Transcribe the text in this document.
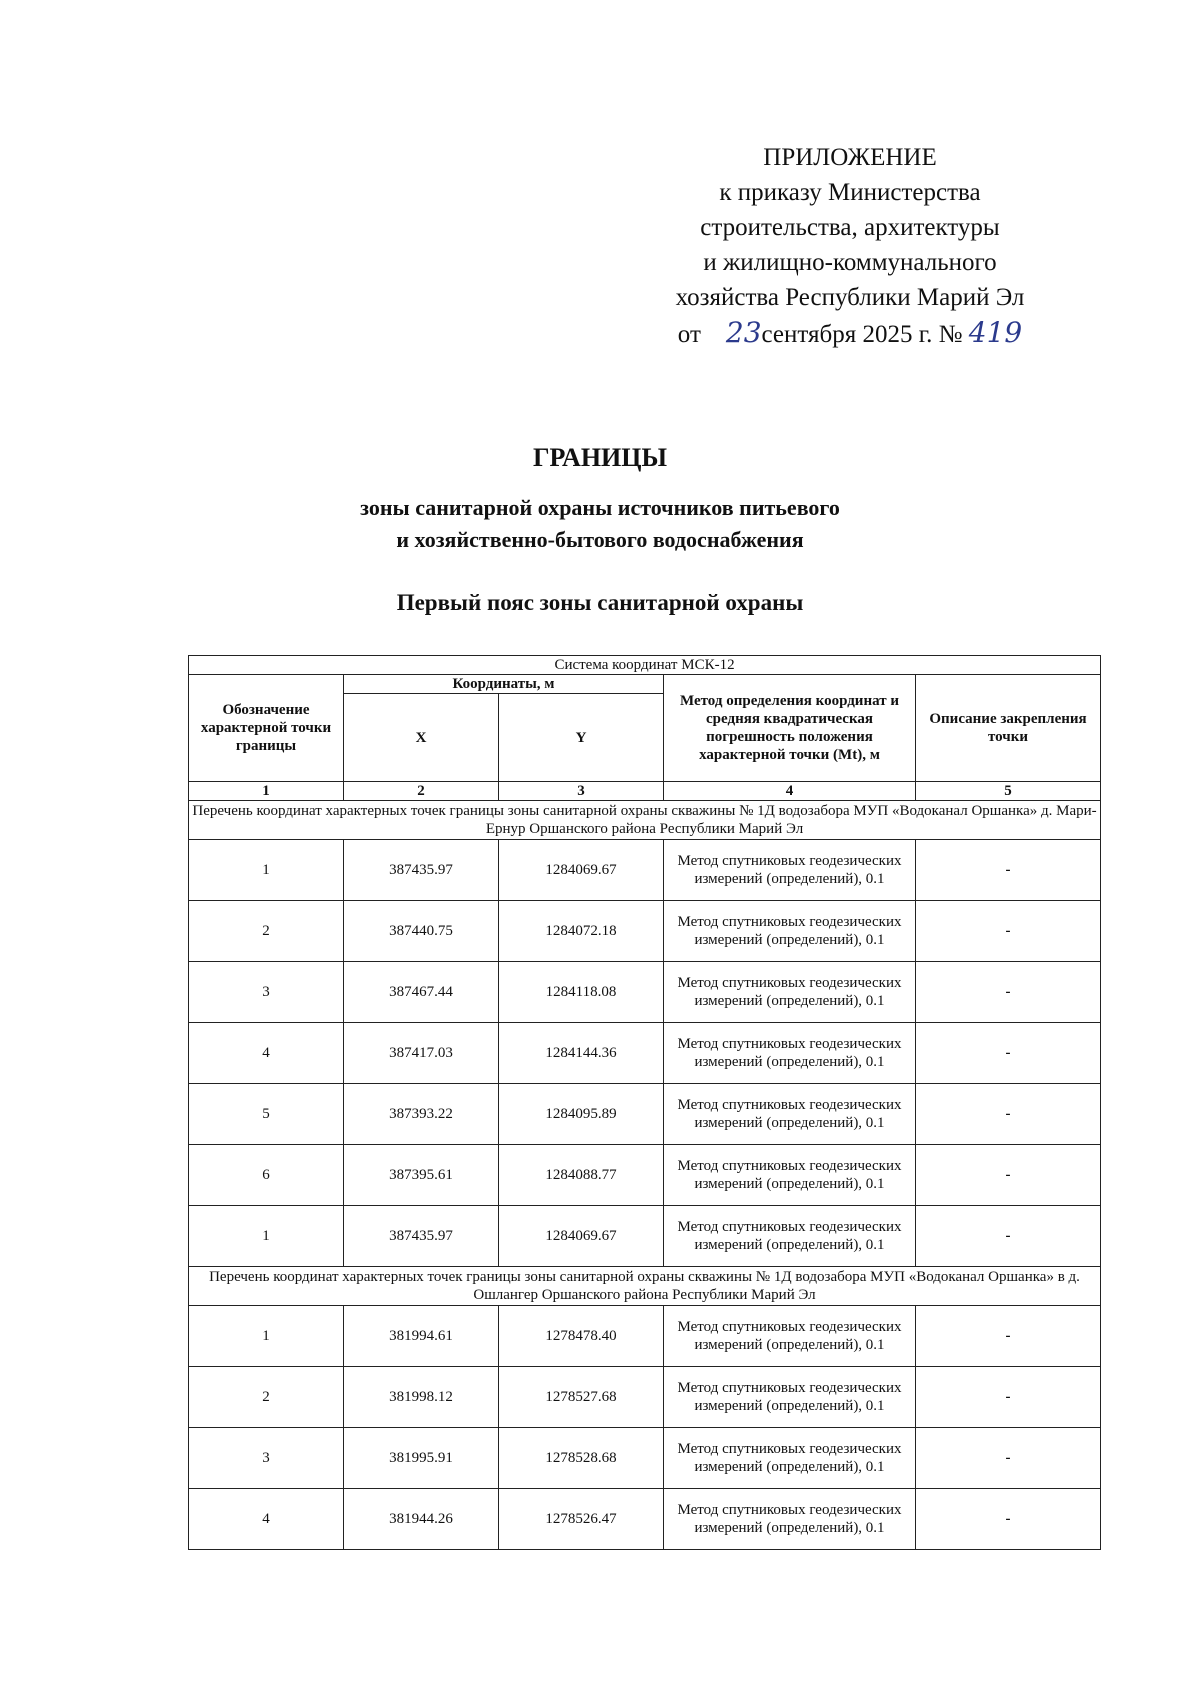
ПРИЛОЖЕНИЕ
к приказу Министерства
строительства, архитектуры
и жилищно-коммунального
хозяйства Республики Марий Эл
от 23сентября 2025 г. № 419
ГРАНИЦЫ
зоны санитарной охраны источников питьевого
и хозяйственно-бытового водоснабжения
Первый пояс зоны санитарной охраны
Система координат МСК-12				
Обозначение характерной точки границы	Координаты, м		Метод определения координат и средняя квадратическая погрешность положения характерной точки (Mt), м	Описание закрепления точки
	X	Y		
1	2	3	4	5
Перечень координат характерных точек границы зоны санитарной охраны скважины № 1Д водозабора МУП «Водоканал Оршанка» д. Мари-Ернур Оршанского района Республики Марий Эл				
1	387435.97	1284069.67	Метод спутниковых геодезических измерений (определений), 0.1	-
2	387440.75	1284072.18	Метод спутниковых геодезических измерений (определений), 0.1	-
3	387467.44	1284118.08	Метод спутниковых геодезических измерений (определений), 0.1	-
4	387417.03	1284144.36	Метод спутниковых геодезических измерений (определений), 0.1	-
5	387393.22	1284095.89	Метод спутниковых геодезических измерений (определений), 0.1	-
6	387395.61	1284088.77	Метод спутниковых геодезических измерений (определений), 0.1	-
1	387435.97	1284069.67	Метод спутниковых геодезических измерений (определений), 0.1	-
Перечень координат характерных точек границы зоны санитарной охраны скважины № 1Д водозабора МУП «Водоканал Оршанка» в д. Ошлангер Оршанского района Республики Марий Эл				
1	381994.61	1278478.40	Метод спутниковых геодезических измерений (определений), 0.1	-
2	381998.12	1278527.68	Метод спутниковых геодезических измерений (определений), 0.1	-
3	381995.91	1278528.68	Метод спутниковых геодезических измерений (определений), 0.1	-
4	381944.26	1278526.47	Метод спутниковых геодезических измерений (определений), 0.1	-
